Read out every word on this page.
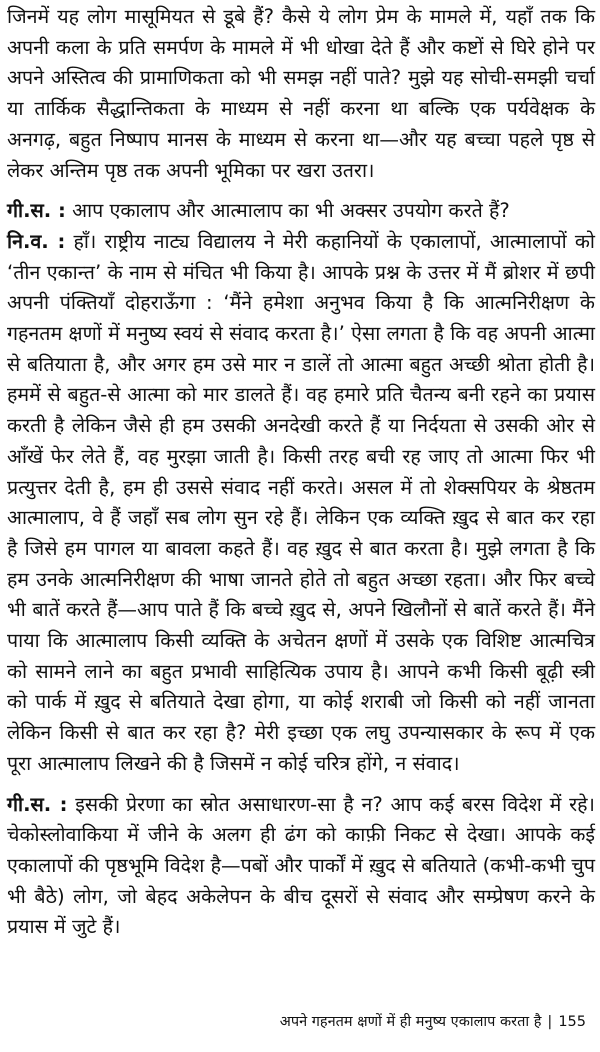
जिनमें यह लोग मासूमियत से डूबे हैं? कैसे ये लोग प्रेम के मामले में, यहाँ तक कि अपनी कला के प्रति समर्पण के मामले में भी धोखा देते हैं और कष्टों से घिरे होने पर अपने अस्तित्व की प्रामाणिकता को भी समझ नहीं पाते? मुझे यह सोची-समझी चर्चा या तार्किक सैद्धान्तिकता के माध्यम से नहीं करना था बल्कि एक पर्यवेक्षक के अनगढ़, बहुत निष्पाप मानस के माध्यम से करना था—और यह बच्चा पहले पृष्ठ से लेकर अन्तिम पृष्ठ तक अपनी भूमिका पर खरा उतरा।

गी.स. : आप एकालाप और आत्मालाप का भी अक्सर उपयोग करते हैं?

नि.व. : हाँ। राष्ट्रीय नाट्य विद्यालय ने मेरी कहानियों के एकालापों, आत्मालापों को ‘तीन एकान्त’ के नाम से मंचित भी किया है। आपके प्रश्न के उत्तर में मैं ब्रोशर में छपी अपनी पंक्तियाँ दोहराऊँगा : ‘मैंने हमेशा अनुभव किया है कि आत्मनिरीक्षण के गहनतम क्षणों में मनुष्य स्वयं से संवाद करता है।’ ऐसा लगता है कि वह अपनी आत्मा से बतियाता है, और अगर हम उसे मार न डालें तो आत्मा बहुत अच्छी श्रोता होती है। हममें से बहुत-से आत्मा को मार डालते हैं। वह हमारे प्रति चैतन्य बनी रहने का प्रयास करती है लेकिन जैसे ही हम उसकी अनदेखी करते हैं या निर्दयता से उसकी ओर से आँखें फेर लेते हैं, वह मुरझा जाती है। किसी तरह बची रह जाए तो आत्मा फिर भी प्रत्युत्तर देती है, हम ही उससे संवाद नहीं करते। असल में तो शेक्सपियर के श्रेष्ठतम आत्मालाप, वे हैं जहाँ सब लोग सुन रहे हैं। लेकिन एक व्यक्ति ख़ुद से बात कर रहा है जिसे हम पागल या बावला कहते हैं। वह ख़ुद से बात करता है। मुझे लगता है कि हम उनके आत्मनिरीक्षण की भाषा जानते होते तो बहुत अच्छा रहता। और फिर बच्चे भी बातें करते हैं—आप पाते हैं कि बच्चे ख़ुद से, अपने खिलौनों से बातें करते हैं। मैंने पाया कि आत्मालाप किसी व्यक्ति के अचेतन क्षणों में उसके एक विशिष्ट आत्मचित्र को सामने लाने का बहुत प्रभावी साहित्यिक उपाय है। आपने कभी किसी बूढ़ी स्त्री को पार्क में ख़ुद से बतियाते देखा होगा, या कोई शराबी जो किसी को नहीं जानता लेकिन किसी से बात कर रहा है? मेरी इच्छा एक लघु उपन्यासकार के रूप में एक पूरा आत्मालाप लिखने की है जिसमें न कोई चरित्र होंगे, न संवाद।

गी.स. : इसकी प्रेरणा का स्रोत असाधारण-सा है न? आप कई बरस विदेश में रहे। चेकोस्लोवाकिया में जीने के अलग ही ढंग को काफ़ी निकट से देखा। आपके कई एकालापों की पृष्ठभूमि विदेश है—पबों और पार्कों में ख़ुद से बतियाते (कभी-कभी चुप भी बैठे) लोग, जो बेहद अकेलेपन के बीच दूसरों से संवाद और सम्प्रेषण करने के प्रयास में जुटे हैं।

अपने गहनतम क्षणों में ही मनुष्य एकालाप करता है | 155
